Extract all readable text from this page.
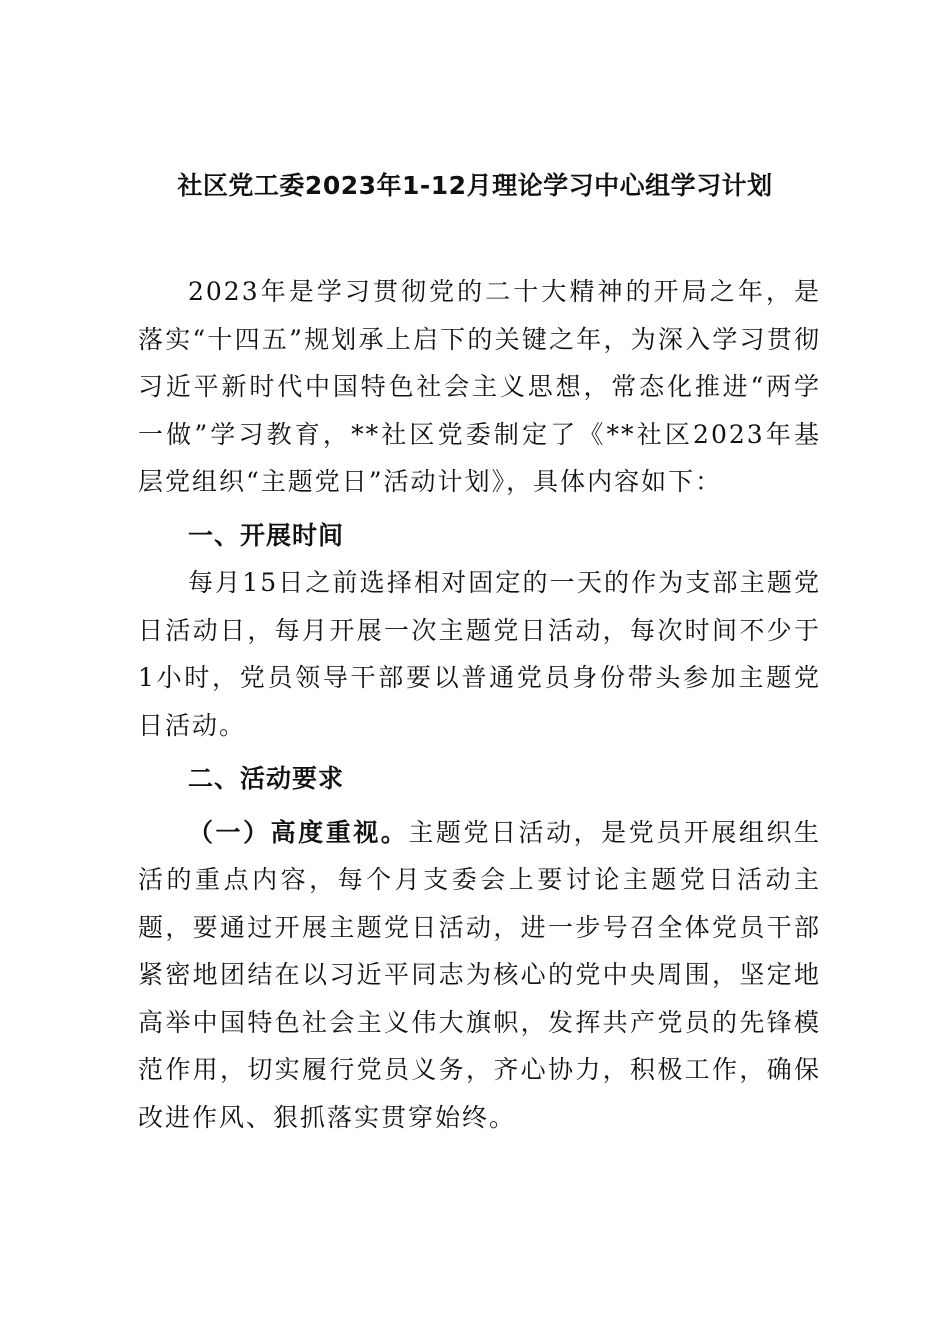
社区党工委2023年1-12月理论学习中心组学习计划

2023年是学习贯彻党的二十大精神的开局之年，是落实“十四五”规划承上启下的关键之年，为深入学习贯彻习近平新时代中国特色社会主义思想，常态化推进“两学一做”学习教育，**社区党委制定了《**社区2023年基层党组织“主题党日”活动计划》，具体内容如下：

一、开展时间

每月15日之前选择相对固定的一天的作为支部主题党日活动日，每月开展一次主题党日活动，每次时间不少于1小时，党员领导干部要以普通党员身份带头参加主题党日活动。

二、活动要求

（一）高度重视。主题党日活动，是党员开展组织生活的重点内容，每个月支委会上要讨论主题党日活动主题，要通过开展主题党日活动，进一步号召全体党员干部紧密地团结在以习近平同志为核心的党中央周围，坚定地高举中国特色社会主义伟大旗帜，发挥共产党员的先锋模范作用，切实履行党员义务，齐心协力，积极工作，确保改进作风、狠抓落实贯穿始终。
